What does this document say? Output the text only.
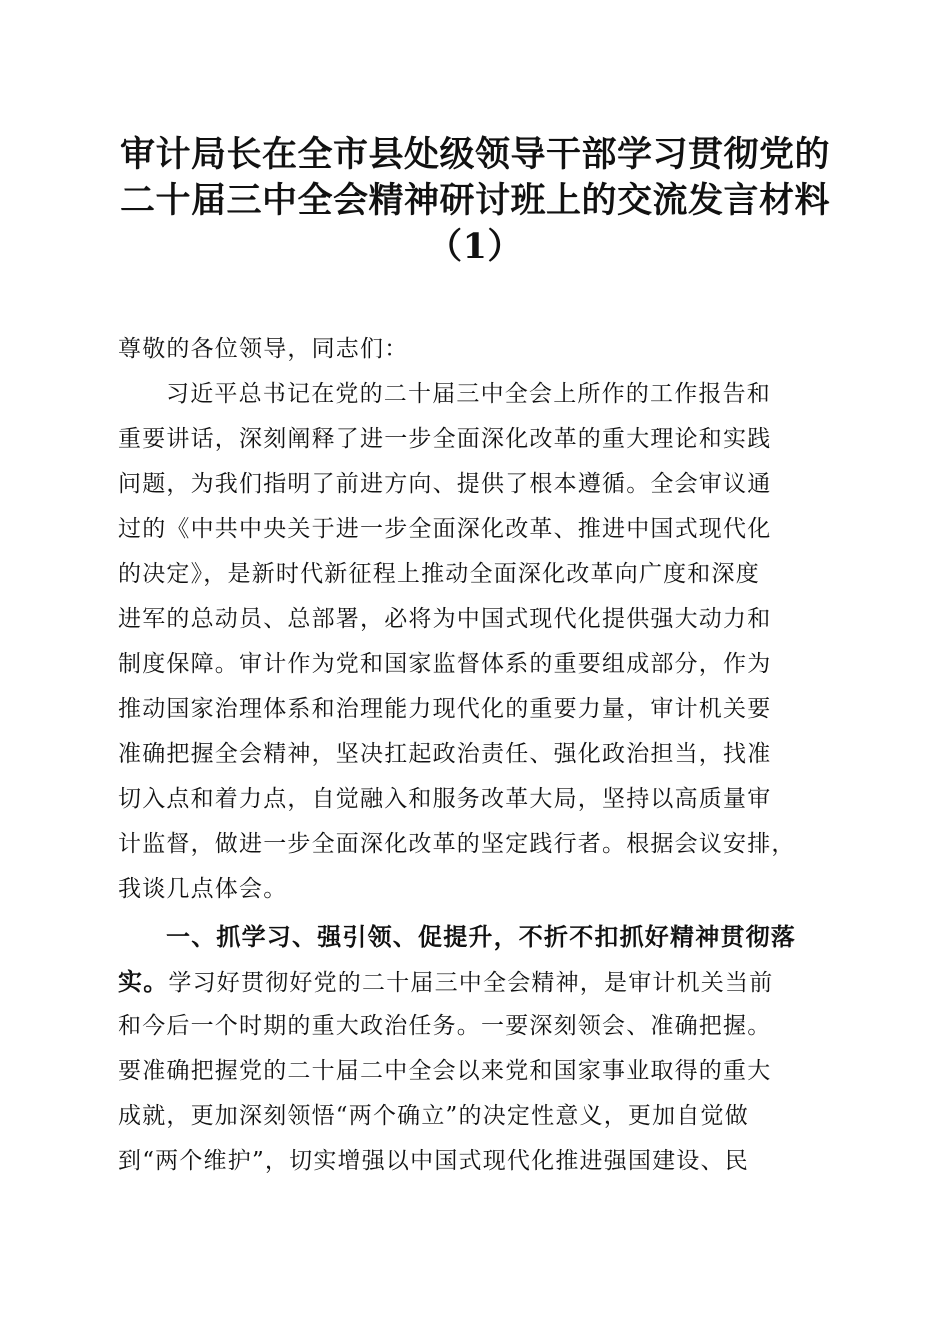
审计局长在全市县处级领导干部学习贯彻党的
二十届三中全会精神研讨班上的交流发言材料
（1）
尊敬的各位领导，同志们：
习近平总书记在党的二十届三中全会上所作的工作报告和
重要讲话，深刻阐释了进一步全面深化改革的重大理论和实践
问题，为我们指明了前进方向、提供了根本遵循。全会审议通
过的《中共中央关于进一步全面深化改革、推进中国式现代化
的决定》，是新时代新征程上推动全面深化改革向广度和深度
进军的总动员、总部署，必将为中国式现代化提供强大动力和
制度保障。审计作为党和国家监督体系的重要组成部分，作为
推动国家治理体系和治理能力现代化的重要力量，审计机关要
准确把握全会精神，坚决扛起政治责任、强化政治担当，找准
切入点和着力点，自觉融入和服务改革大局，坚持以高质量审
计监督，做进一步全面深化改革的坚定践行者。根据会议安排，
我谈几点体会。
一、抓学习、强引领、促提升，不折不扣抓好精神贯彻落
实。学习好贯彻好党的二十届三中全会精神，是审计机关当前
和今后一个时期的重大政治任务。一要深刻领会、准确把握。
要准确把握党的二十届二中全会以来党和国家事业取得的重大
成就，更加深刻领悟“两个确立”的决定性意义，更加自觉做
到“两个维护”，切实增强以中国式现代化推进强国建设、民
